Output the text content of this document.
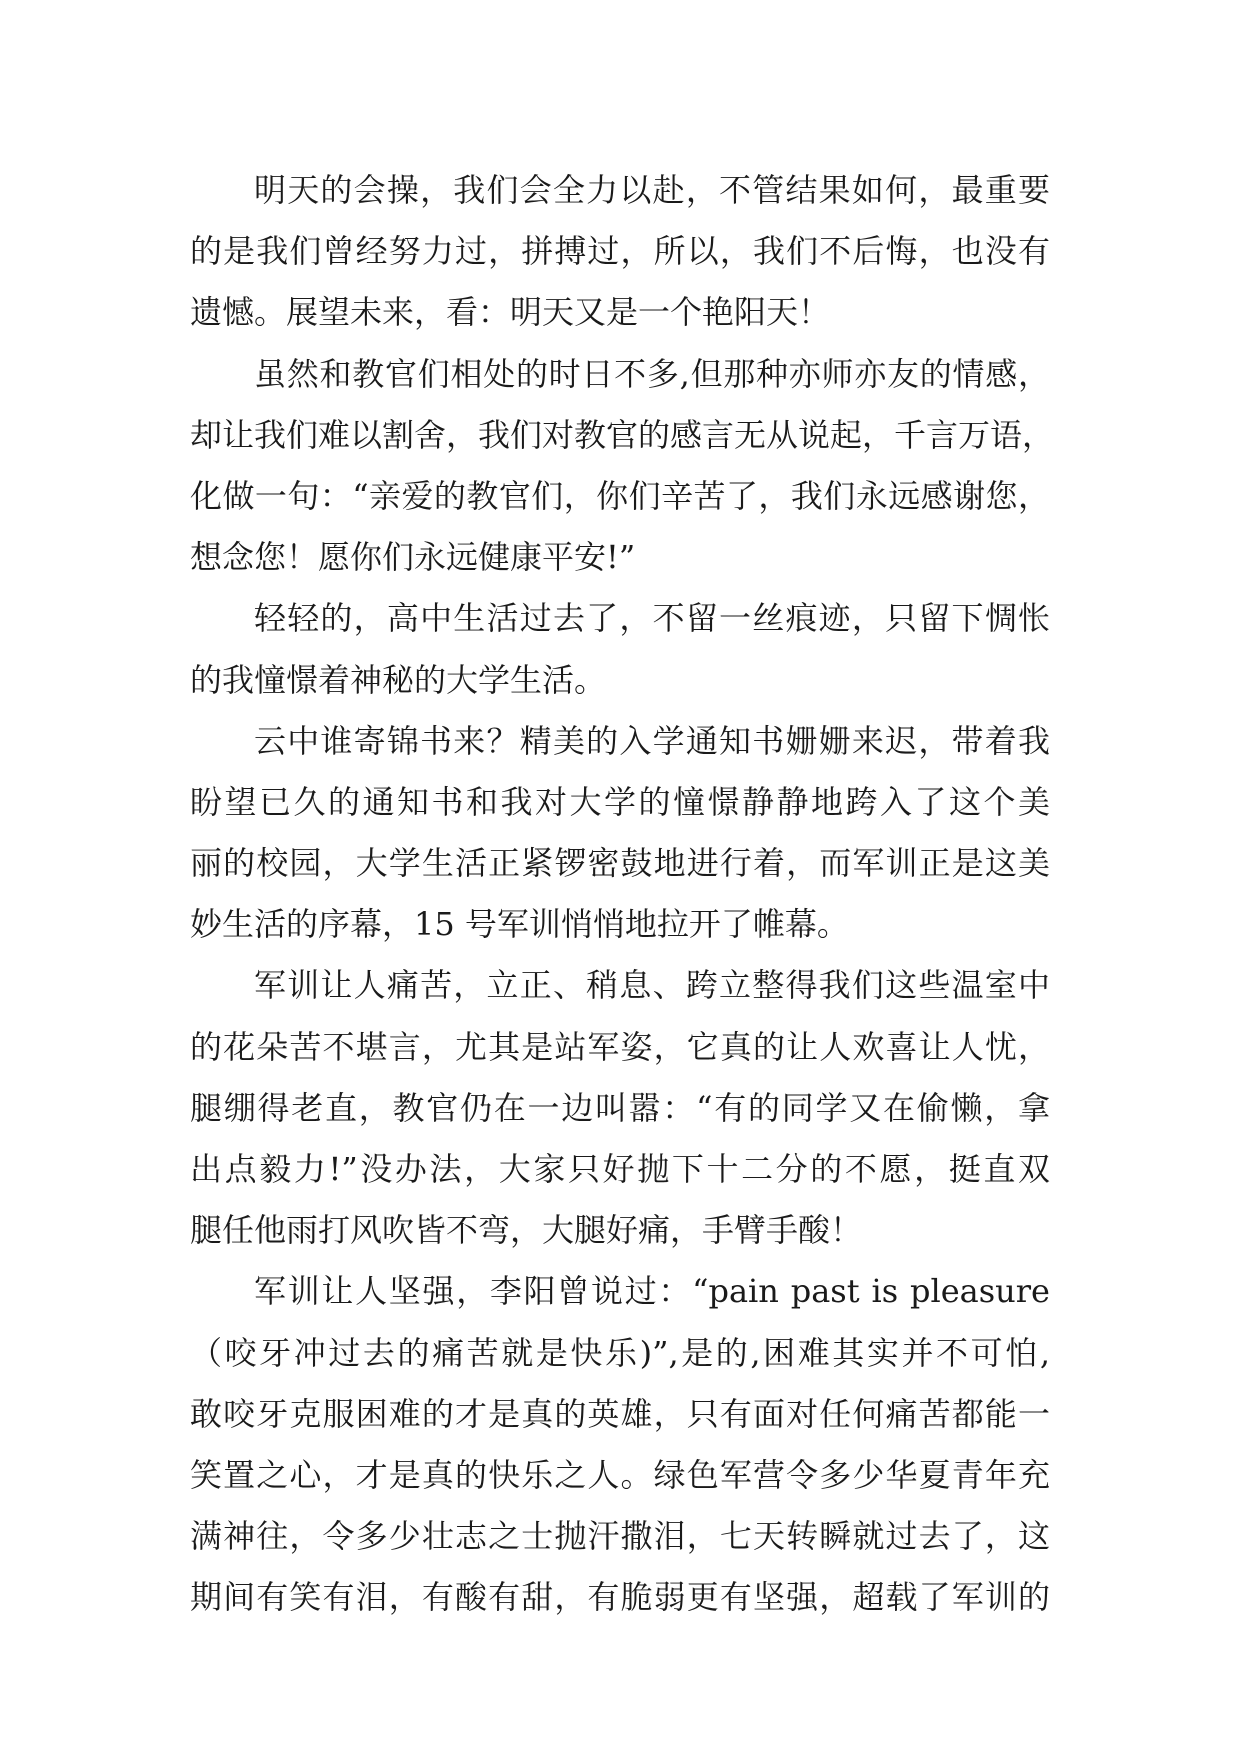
明天的会操，我们会全力以赴，不管结果如何，最重要
的是我们曾经努力过，拼搏过，所以，我们不后悔，也没有
遗憾。展望未来，看：明天又是一个艳阳天！
虽然和教官们相处的时日不多,但那种亦师亦友的情感，
却让我们难以割舍，我们对教官的感言无从说起，千言万语，
化做一句：“亲爱的教官们，你们辛苦了，我们永远感谢您，
想念您！愿你们永远健康平安!”
轻轻的，高中生活过去了，不留一丝痕迹，只留下惆怅
的我憧憬着神秘的大学生活。
云中谁寄锦书来？精美的入学通知书姗姗来迟，带着我
盼望已久的通知书和我对大学的憧憬静静地跨入了这个美
丽的校园，大学生活正紧锣密鼓地进行着，而军训正是这美
妙生活的序幕，15 号军训悄悄地拉开了帷幕。
军训让人痛苦，立正、稍息、跨立整得我们这些温室中
的花朵苦不堪言，尤其是站军姿，它真的让人欢喜让人忧，
腿绷得老直，教官仍在一边叫嚣：“有的同学又在偷懒，拿
出点毅力!”没办法，大家只好抛下十二分的不愿，挺直双
腿任他雨打风吹皆不弯，大腿好痛，手臂手酸！
军训让人坚强，李阳曾说过：“pain past is pleasure
（咬牙冲过去的痛苦就是快乐)”,是的,困难其实并不可怕,
敢咬牙克服困难的才是真的英雄，只有面对任何痛苦都能一
笑置之心，才是真的快乐之人。绿色军营令多少华夏青年充
满神往，令多少壮志之士抛汗撒泪，七天转瞬就过去了，这
期间有笑有泪，有酸有甜，有脆弱更有坚强，超载了军训的
